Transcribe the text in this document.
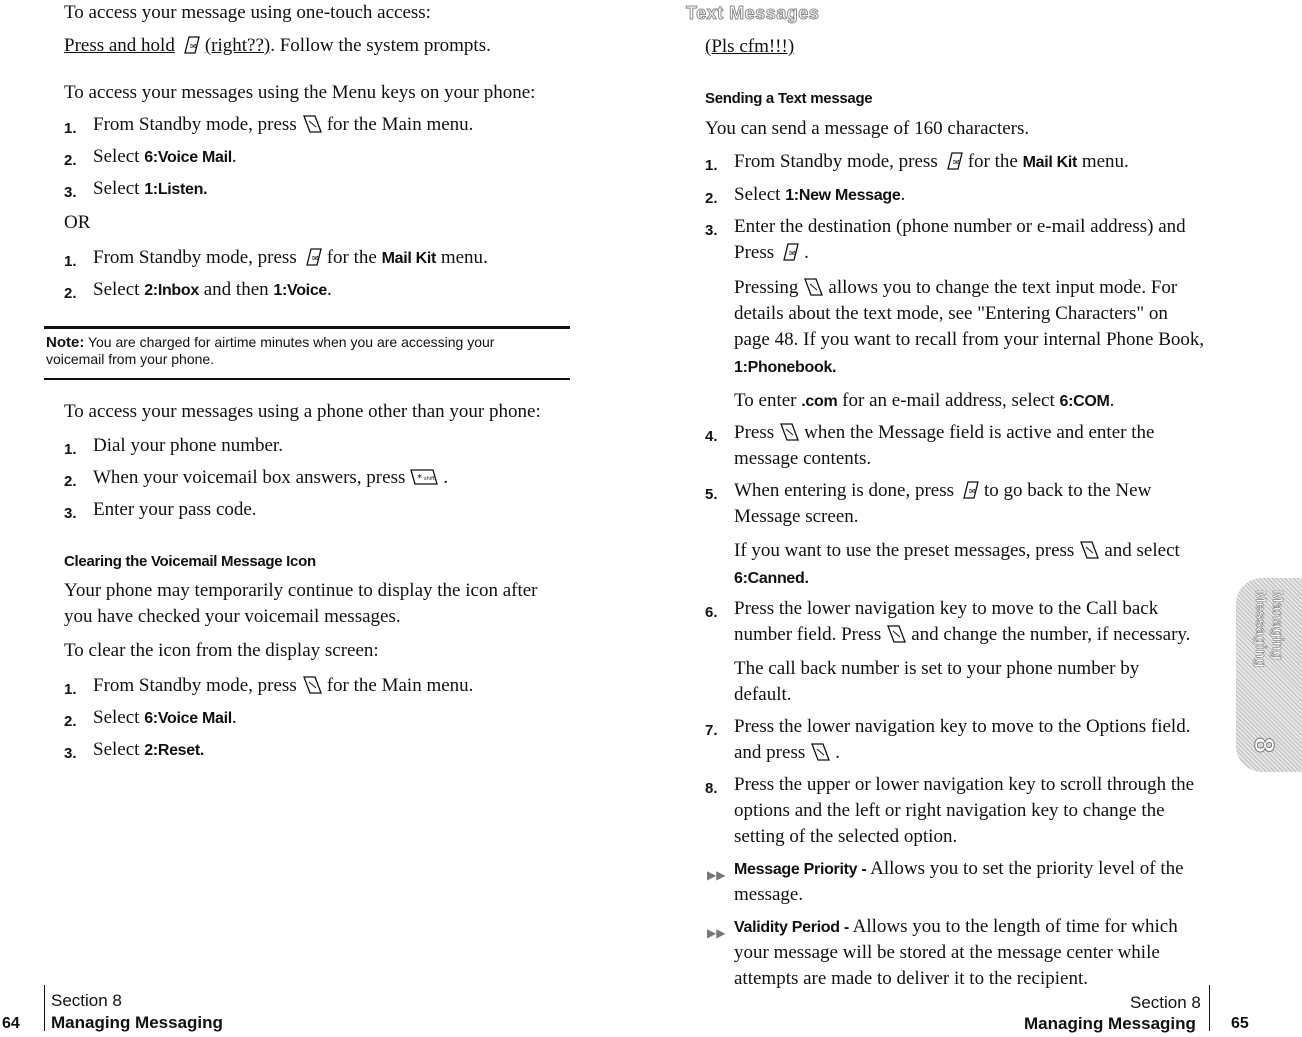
To access your message using one-touch access:
Press and hold ✉ (right??). Follow the system prompts.
To access your messages using the Menu keys on your phone:
1. From Standby mode, press for the Main menu.
2. Select 6:Voice Mail.
3. Select 1:Listen.
OR
1. From Standby mode, press ✉ for the Mail Kit menu.
2. Select 2:Inbox and then 1:Voice.
Note: You are charged for airtime minutes when you are accessing your
voicemail from your phone.
To access your messages using a phone other than your phone:
1. Dial your phone number.
2. When your voicemail box answers, press * shift .
3. Enter your pass code.
Clearing the Voicemail Message Icon
Your phone may temporarily continue to display the icon after
you have checked your voicemail messages.
To clear the icon from the display screen:
1. From Standby mode, press for the Main menu.
2. Select 6:Voice Mail.
3. Select 2:Reset.
Section 8
Managing Messaging
64
Text Messages
(Pls cfm!!!)
Sending a Text message
You can send a message of 160 characters.
1. From Standby mode, press ✉ for the Mail Kit menu.
2. Select 1:New Message.
3. Enter the destination (phone number or e-mail address) and
Press ✉ .
Pressing allows you to change the text input mode. For
details about the text mode, see "Entering Characters" on
page 48. If you want to recall from your internal Phone Book,
1:Phonebook.
To enter .com for an e-mail address, select 6:COM.
4. Press when the Message field is active and enter the
message contents.
5. When entering is done, press ✉ to go back to the New
Message screen.
If you want to use the preset messages, press and select
6:Canned.
6. Press the lower navigation key to move to the Call back
number field. Press and change the number, if necessary.
The call back number is set to your phone number by
default.
7. Press the lower navigation key to move to the Options field.
and press .
8. Press the upper or lower navigation key to scroll through the
options and the left or right navigation key to change the
setting of the selected option.
▶▶ Message Priority - Allows you to set the priority level of the
message.
▶▶ Validity Period - Allows you to the length of time for which
your message will be stored at the message center while
attempts are made to deliver it to the recipient.
Section 8
Managing Messaging 65
Managing
Messaging
8
